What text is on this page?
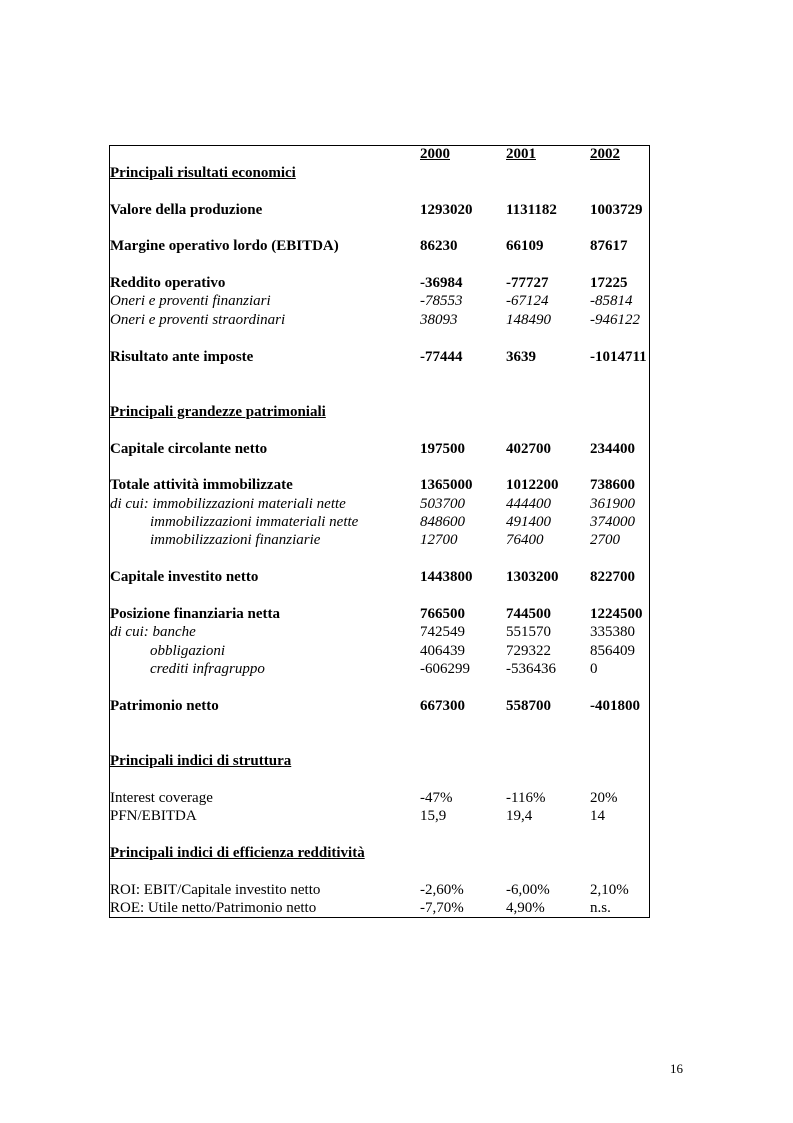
2000	2001	2002
Principali risultati economici
Valore della produzione	1293020 1131182 1003729
Margine operativo lordo (EBITDA)	86230	66109	87617
Reddito operativo	-36984	-77727	17225
Oneri e proventi finanziari	-78553	-67124	-85814
Oneri e proventi straordinari	38093	148490	-946122
Risultato ante imposte	-77444	3639	-1014711
Principali grandezze patrimoniali
Capitale circolante netto	197500	402700	234400
Totale attività immobilizzate	1365000 1012200 738600
di cui: immobilizzazioni materiali nette	503700	444400	361900
immobilizzazioni immateriali nette	848600	491400	374000
immobilizzazioni finanziarie	12700	76400	2700
Capitale investito netto	1443800 1303200 822700
Posizione finanziaria netta	766500	744500	1224500
di cui: banche	742549	551570	335380
obbligazioni	406439	729322	856409
crediti infragruppo	-606299 -536436 0
Patrimonio netto	667300	558700	-401800
Principali indici di struttura
Interest coverage	-47%	-116%	20%
PFN/EBITDA	15,9	19,4	14
Principali indici di efficienza redditività
ROI: EBIT/Capitale investito netto	-2,60%	-6,00%	2,10%
ROE: Utile netto/Patrimonio netto	-7,70%	4,90%	n.s.
16
